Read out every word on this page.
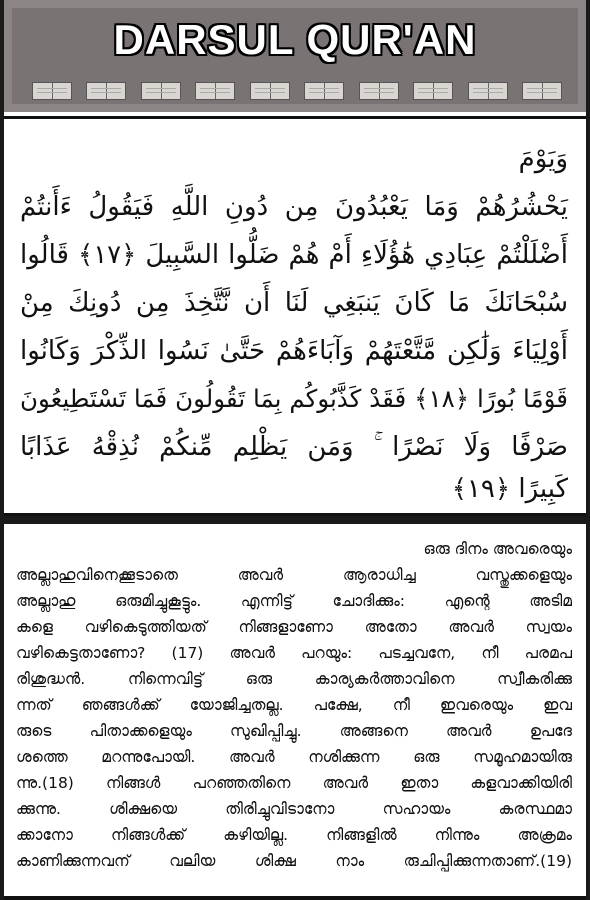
DARSUL QUR'AN
وَيَوْمَ
يَحْشُرُهُمْ وَمَا يَعْبُدُونَ مِن دُونِ اللَّهِ فَيَقُولُ ءَأَنتُمْ
أَضْلَلْتُمْ عِبَادِي هَٰؤُلَاءِ أَمْ هُمْ ضَلُّوا السَّبِيلَ ﴿١٧﴾ قَالُوا
سُبْحَانَكَ مَا كَانَ يَنبَغِي لَنَا أَن نَّتَّخِذَ مِن دُونِكَ مِنْ
أَوْلِيَاءَ وَلَٰكِن مَّتَّعْتَهُمْ وَآبَاءَهُمْ حَتَّىٰ نَسُوا الذِّكْرَ وَكَانُوا
قَوْمًا بُورًا ﴿١٨﴾ فَقَدْ كَذَّبُوكُم بِمَا تَقُولُونَ فَمَا تَسْتَطِيعُونَ
صَرْفًا وَلَا نَصْرًا ۚ وَمَن يَظْلِم مِّنكُمْ نُذِقْهُ عَذَابًا
كَبِيرًا ﴿١٩﴾
ഒരു ദിനം അവരെയും
അല്ലാഹുവിനെക്കൂടാതെ അവർ ആരാധിച്ച വസ്തുക്കളെയും
അല്ലാഹു ഒരുമിച്ചുകൂട്ടും. എന്നിട്ട് ചോദിക്കും: എന്റെ അടിമ
കളെ വഴികെടുത്തിയത് നിങ്ങളാണോ അതോ അവർ സ്വയം
വഴികെട്ടതാണോ? (17) അവർ പറയും: പടച്ചവനേ, നീ പരമപ
രിശുദ്ധൻ. നിന്നെവിട്ട് ഒരു കാര്യകർത്താവിനെ സ്വീകരിക്കു
ന്നത് ഞങ്ങൾക്ക് യോജിച്ചതല്ല. പക്ഷേ, നീ ഇവരെയും ഇവ
രുടെ പിതാക്കളെയും സുഖിപ്പിച്ചു. അങ്ങനെ അവർ ഉപദേ
ശത്തെ മറന്നുപോയി. അവർ നശിക്കുന്ന ഒരു സമൂഹമായിരു
ന്നു.(18) നിങ്ങൾ പറഞ്ഞതിനെ അവർ ഇതാ കളവാക്കിയിരി
ക്കുന്നു. ശിക്ഷയെ തിരിച്ചുവിടാനോ സഹായം കരസ്ഥമാ
ക്കാനോ നിങ്ങൾക്ക് കഴിയില്ല. നിങ്ങളിൽ നിന്നും അക്രമം
കാണിക്കുന്നവന് വലിയ ശിക്ഷ നാം രുചിപ്പിക്കുന്നതാണ്.(19)
